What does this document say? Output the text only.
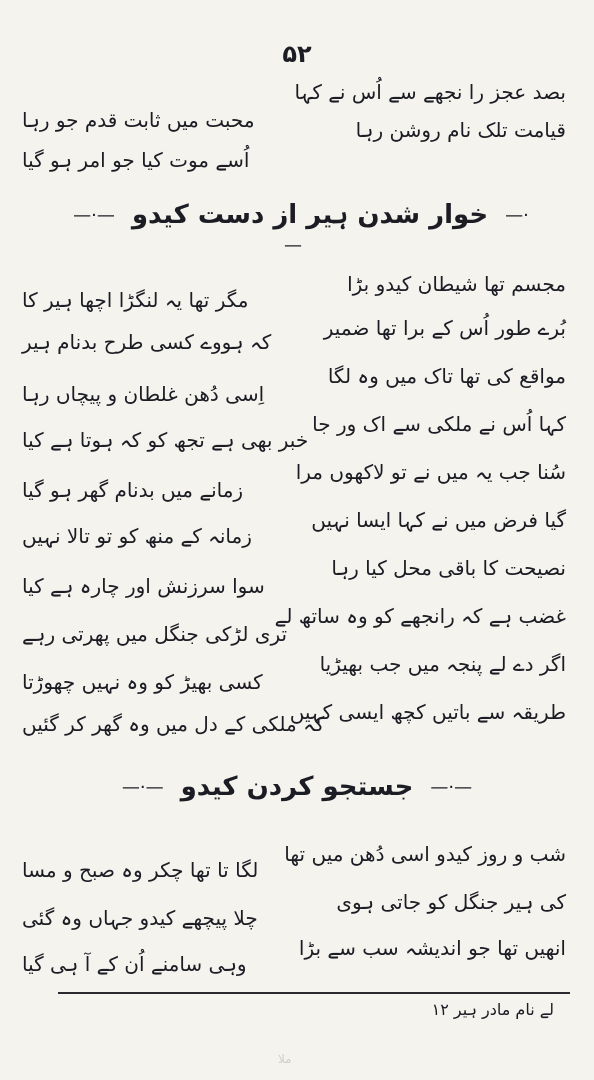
۵۲
بصد عجز را نجھے سے اُس نے کہا
محبت میں ثابت قدم جو رہا	قیامت تلک نام روشن رہا
اُسے موت کیا جو امر ہو گیا
—·— خوار شدن ہیر از دست کیدو —·—
مجسم تھا شیطان کیدو بڑا
مگر تھا یہ لنگڑا اچھا ہیر کا
بُرے طور اُس کے برا تھا ضمیر
کہ ہووے کسی طرح بدنام ہیر
مواقع کی تھا تاک میں وہ لگا
اِسی دُھن غلطان و پیچاں رہا
کہا اُس نے ملکی سے اک ور جا
خبر بھی ہے تجھ کو کہ ہوتا ہے کیا
سُنا جب یہ میں نے تو لاکھوں مرا
زمانے میں بدنام گھر ہو گیا
گیا فرض میں نے کہا ایسا نہیں
زمانہ کے منھ کو تو تالا نہیں
نصیحت کا باقی محل کیا رہا
سوا سرزنش اور چارہ ہے کیا
غضب ہے کہ رانجھے کو وہ ساتھ لے
تری لڑکی جنگل میں پھرتی رہے
اگر دے لے پنجہ میں جب بھیڑیا
کسی بھیڑ کو وہ نہیں چھوڑتا
طریقہ سے باتیں کچھ ایسی کہیں
کہ ملکی کے دل میں وہ گھر کر گئیں
—·— جستجو کردن کیدو —·—
شب و روز کیدو اسی دُھن میں تھا
لگا تا تھا چکر وہ صبح و مسا
کی ہیر جنگل کو جاتی ہوی
چلا پیچھے کیدو جہاں وہ گئی
انھیں تھا جو اندیشہ سب سے بڑا
وہی سامنے اُن کے آ ہی گیا
لے نام مادر ہیر ۱۲
ملا
